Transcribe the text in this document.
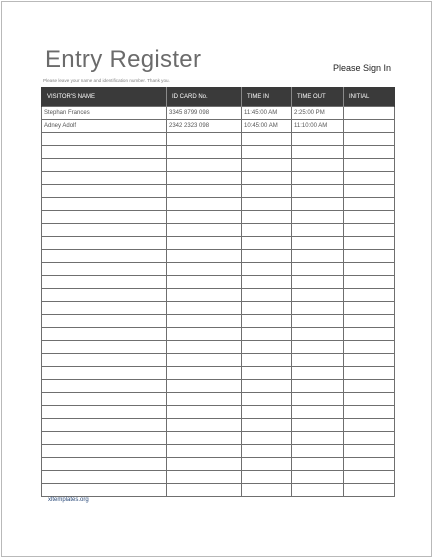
Entry Register	Please Sign In
Please leave your name and identification number. Thank you.
VISITOR'S NAME	ID CARD No.	TIME IN	TIME OUT	INITIAL
Stephan Frances	3345 8799 098	11:45:00 AM	2:25:00 PM	
Adney Adolf	2342 2323 098	10:45:00 AM	11:10:00 AM	

xltemplates.org
